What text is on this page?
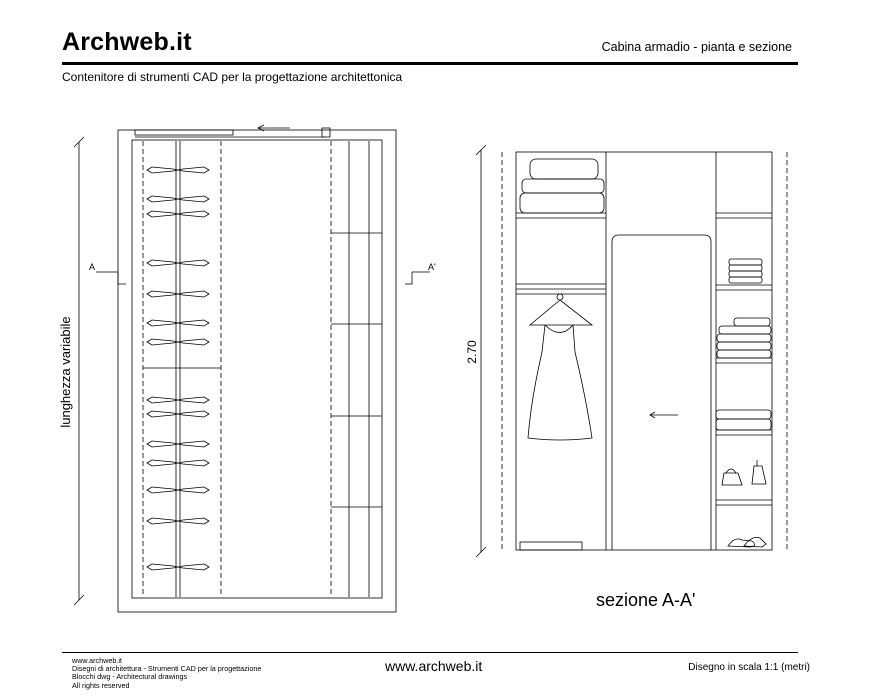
Archweb.it	Cabina armadio - pianta e sezione
Contenitore di strumenti CAD per la progettazione architettonica
A	A'
lunghezza variabile	2.70
sezione A-A'
www.archweb.it
Disegni di architettura - Strumenti CAD per la progettazione
Blocchi dwg - Architectural drawings
All rights reserved
www.archweb.it	Disegno in scala 1:1 (metri)
